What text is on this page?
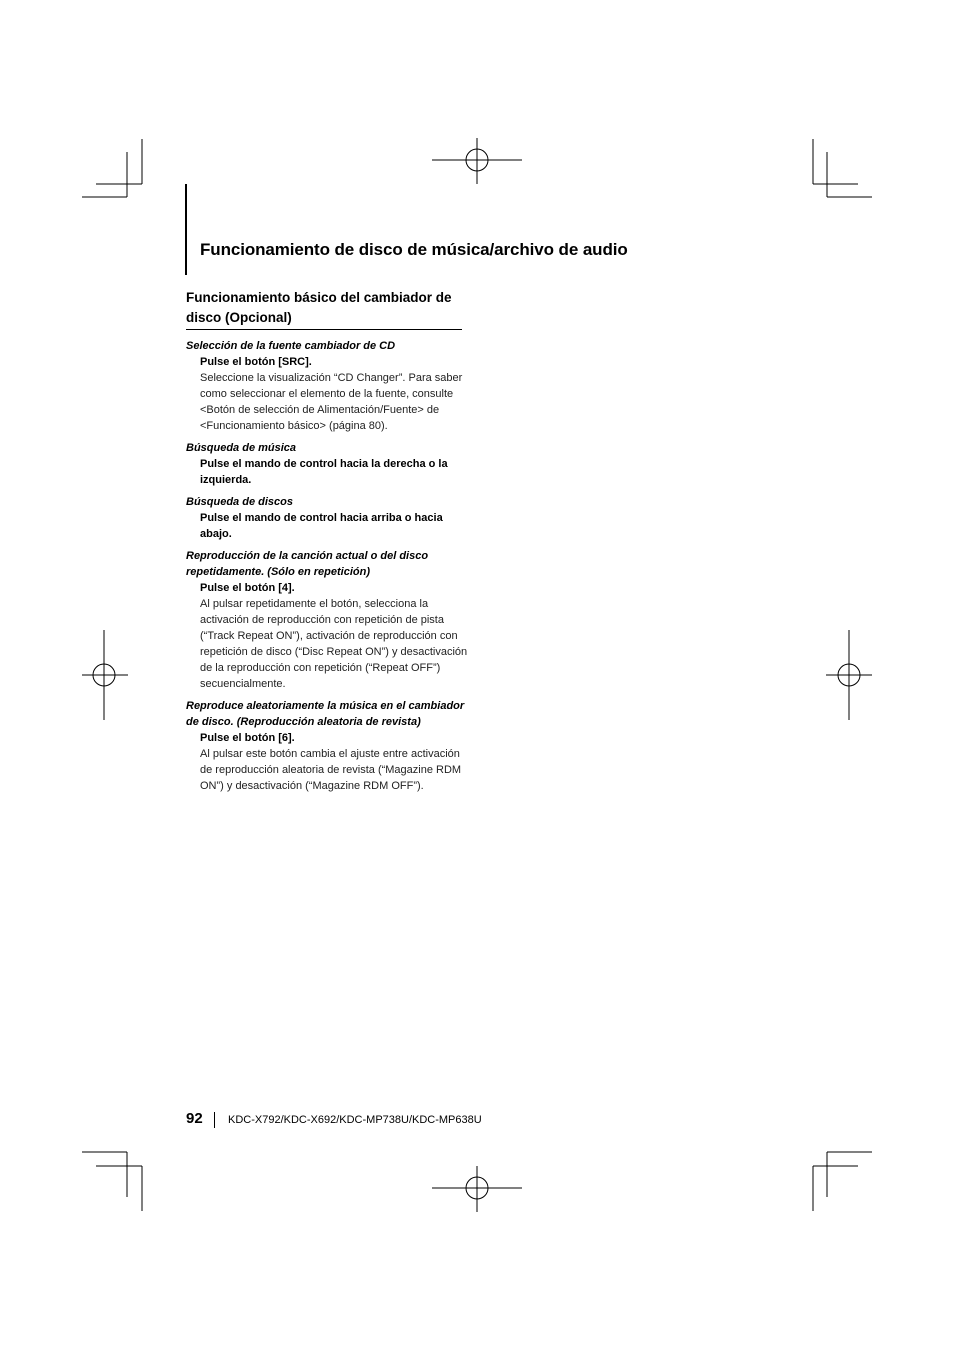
Funcionamiento de disco de música/archivo de audio
Funcionamiento básico del cambiador de disco (Opcional)
Selección de la fuente cambiador de CD
Pulse el botón [SRC].
Seleccione la visualización “CD Changer”. Para saber como seleccionar el elemento de la fuente, consulte <Botón de selección de Alimentación/Fuente> de <Funcionamiento básico> (página 80).
Búsqueda de música
Pulse el mando de control hacia la derecha o la izquierda.
Búsqueda de discos
Pulse el mando de control hacia arriba o hacia abajo.
Reproducción de la canción actual o del disco repetidamente. (Sólo en repetición)
Pulse el botón [4].
Al pulsar repetidamente el botón, selecciona la activación de reproducción con repetición de pista (“Track Repeat ON”), activación de reproducción con repetición de disco (“Disc Repeat ON”) y desactivación de la reproducción con repetición (“Repeat OFF”) secuencialmente.
Reproduce aleatoriamente la música en el cambiador de disco. (Reproducción aleatoria de revista)
Pulse el botón [6].
Al pulsar este botón cambia el ajuste entre activación de reproducción aleatoria de revista (“Magazine RDM ON”) y desactivación (“Magazine RDM OFF”).
92 KDC-X792/KDC-X692/KDC-MP738U/KDC-MP638U
